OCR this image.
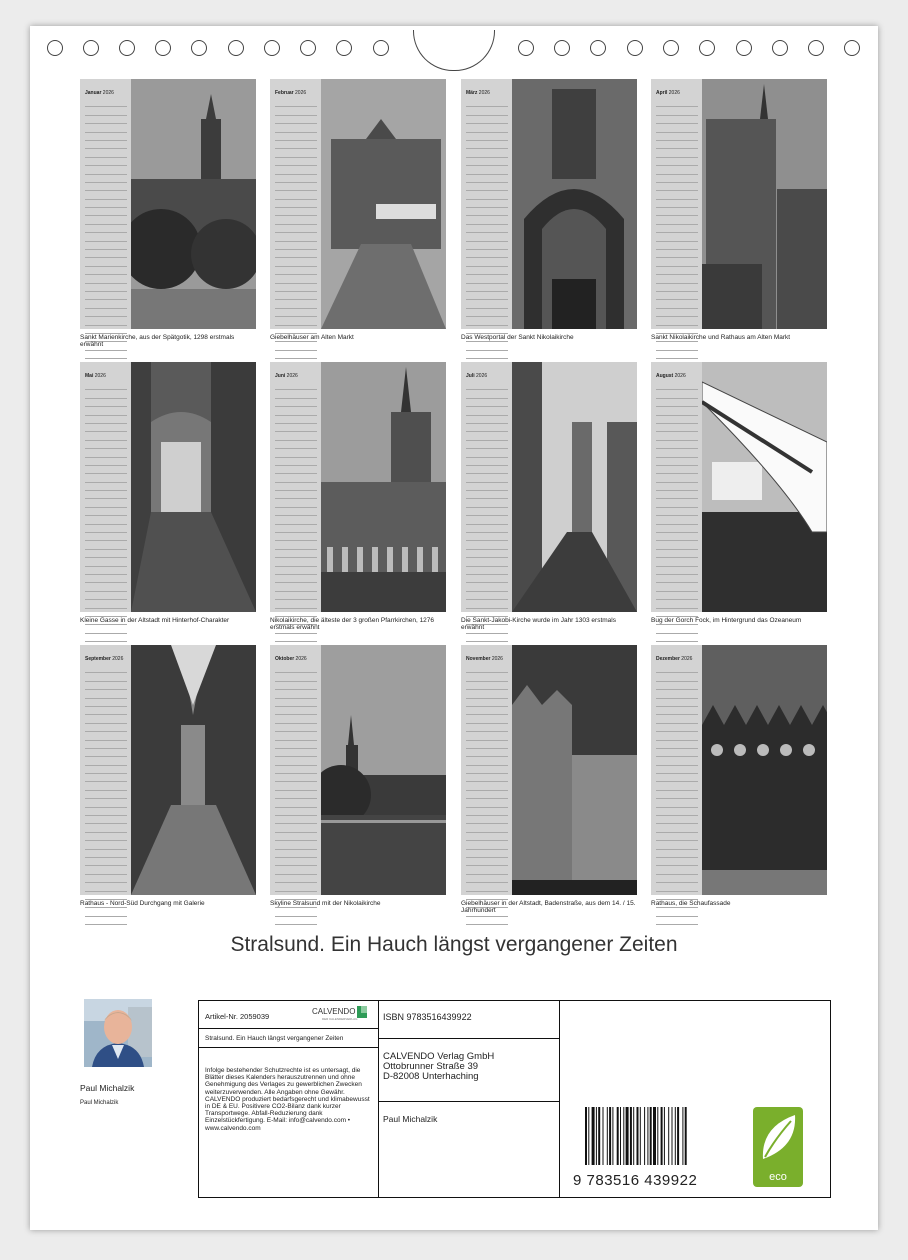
Stralsund. Ein Hauch längst vergangener Zeiten
Paul Michalzik
Paul Michalzik
Artikel-Nr. 2059039
CALVENDO
DER KALENDERVERLAG
Stralsund. Ein Hauch längst vergangener Zeiten
Infolge bestehender Schutzrechte ist es untersagt, die Blätter dieses Kalenders herauszutrennen und ohne Genehmigung des Verlages zu gewerblichen Zwecken weiterzuverwenden. Alle Angaben ohne Gewähr. CALVENDO produziert bedarfsgerecht und klimabewusst in DE & EU. Positivere CO2-Bilanz dank kurzer Transportwege. Abfall-Reduzierung dank Einzelstückfertigung. E-Mail: info@calvendo.com • www.calvendo.com
ISBN 9783516439922
CALVENDO Verlag GmbH
Ottobrunner Straße 39
D-82008 Unterhaching
Paul Michalzik
9 783516 439922	eco
Januar 2026
Sankt Marienkirche, aus der Spätgotik, 1298 erstmals erwähnt
Februar 2026
Giebelhäuser am Alten Markt
März 2026
Das Westportal der Sankt Nikolaikirche
April 2026
Sankt Nikolaikirche und Rathaus am Alten Markt
Mai 2026
Kleine Gasse in der Altstadt mit Hinterhof-Charakter
Juni 2026
Nikolaikirche, die älteste der 3 großen Pfarrkirchen, 1276 erstmals erwähnt
Juli 2026
Die Sankt-Jakobi-Kirche wurde im Jahr 1303 erstmals erwähnt
August 2026
Bug der Gorch Fock, im Hintergrund das Ozeaneum
September 2026
Rathaus - Nord-Süd Durchgang mit Galerie
Oktober 2026
Skyline Stralsund mit der Nikolaikirche
November 2026
Giebelhäuser in der Altstadt, Badenstraße, aus dem 14. / 15. Jahrhundert
Dezember 2026
Rathaus, die Schaufassade
